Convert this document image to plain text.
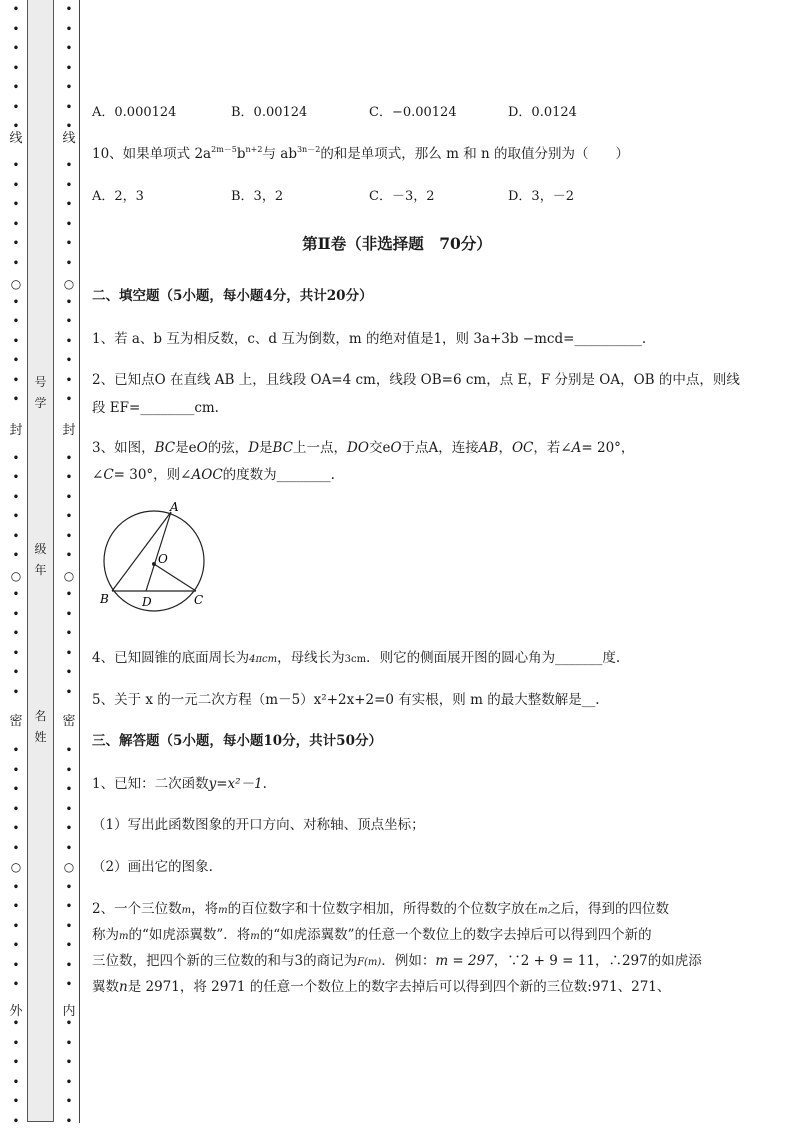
号
学
级
年
名
姓
•
•
•
•
•
•
•
•
•
•
•
•
•
•
•
•
•
•
•
•
•
•
•
•
•
•
•
•
•
•
•
•
•
•
•
•
•
•
•
•
•
•
•
•
•
•
•
•
•
线
○
封
○
密
○
外
•
•
•
•
•
•
•
•
•
•
•
•
•
•
•
•
•
•
•
•
•
•
•
•
•
•
•
•
•
•
•
•
•
•
•
•
•
•
•
•
•
•
•
•
•
•
•
•
•
线
○
封
○
密
○
内
A．0.000124	B．0.00124	C．−0.00124	D．0.0124
10、如果单项式 $2a^{2m-5}b^{n+2}$与 $ab^{3n-2}$的和是单项式，那么 m 和 n 的取值分别为（　　）
A．2，3	B．3，2	C．－3，2	D．3，－2
第Ⅱ卷（非选择题　70分）
二、填空题（5小题，每小题4分，共计20分）
1、若 a、b 互为相反数，c、d 互为倒数，m 的绝对值是1，则 3a+3b −mcd=__________.
2、已知点O 在直线 AB 上，且线段 OA=4 cm，线段 OB=6 cm，点 E，F 分别是 OA，OB 的中点，则线
段 EF=________cm.
3、如图，BC是eO的弦，D是BC上一点，DO交eO于点A，连接AB，OC，若∠A= 20°，
∠C= 30°，则∠AOC的度数为________.
A
O
B	D	C
4、已知圆锥的底面周长为4πcm，母线长为3cm．则它的侧面展开图的圆心角为_______度.
5、关于 x 的一元二次方程（m－5）x²+2x+2=0 有实根，则 m 的最大整数解是__.
三、解答题（5小题，每小题10分，共计50分）
1、已知：二次函数y=x²－1.
（1）写出此函数图象的开口方向、对称轴、顶点坐标；
（2）画出它的图象.
2、一个三位数m，将m的百位数字和十位数字相加，所得数的个位数字放在m之后，得到的四位数
称为m的“如虎添翼数”．将m的“如虎添翼数”的任意一个数位上的数字去掉后可以得到四个新的
三位数，把四个新的三位数的和与3的商记为F(m)．例如：m = 297，∵2 + 9 = 11，∴297的如虎添
翼数n是 2971，将 2971 的任意一个数位上的数字去掉后可以得到四个新的三位数:971、271、
